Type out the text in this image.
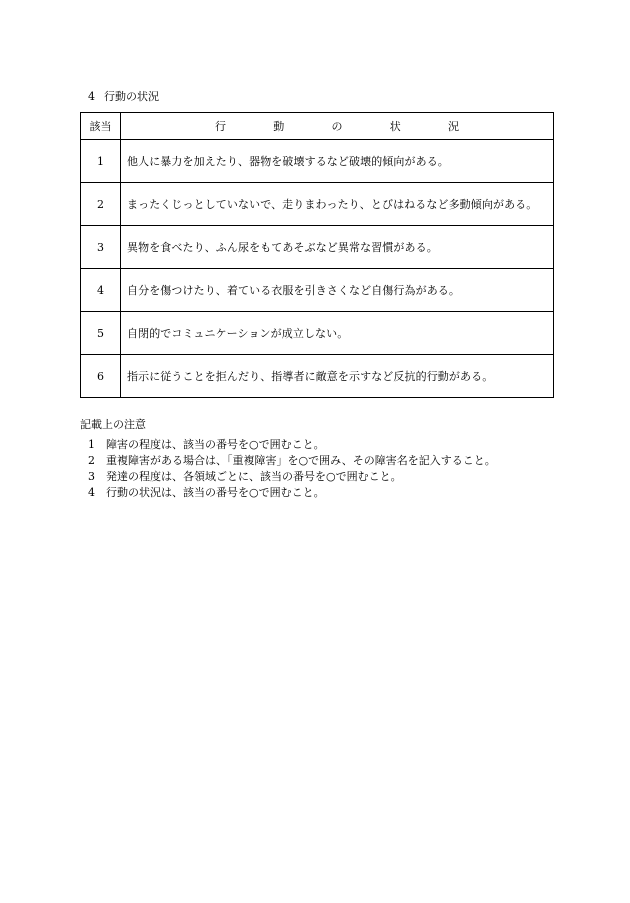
4 行動の状況
該当	行 動 の 状 況

1	他人に暴力を加えたり、器物を破壊するなど破壊的傾向がある。
2	まったくじっとしていないで、走りまわったり、とびはねるなど多動傾向がある。
3	異物を食べたり、ふん尿をもてあそぶなど異常な習慣がある。
4	自分を傷つけたり、着ている衣服を引きさくなど自傷行為がある。
5	自閉的でコミュニケーションが成立しない。
6	指示に従うことを拒んだり、指導者に敵意を示すなど反抗的行動がある。
記載上の注意
1	障害の程度は、該当の番号を○で囲むこと。
2	重複障害がある場合は、「重複障害」を○で囲み、その障害名を記入すること。
3	発達の程度は、各領域ごとに、該当の番号を○で囲むこと。
4	行動の状況は、該当の番号を○で囲むこと。
